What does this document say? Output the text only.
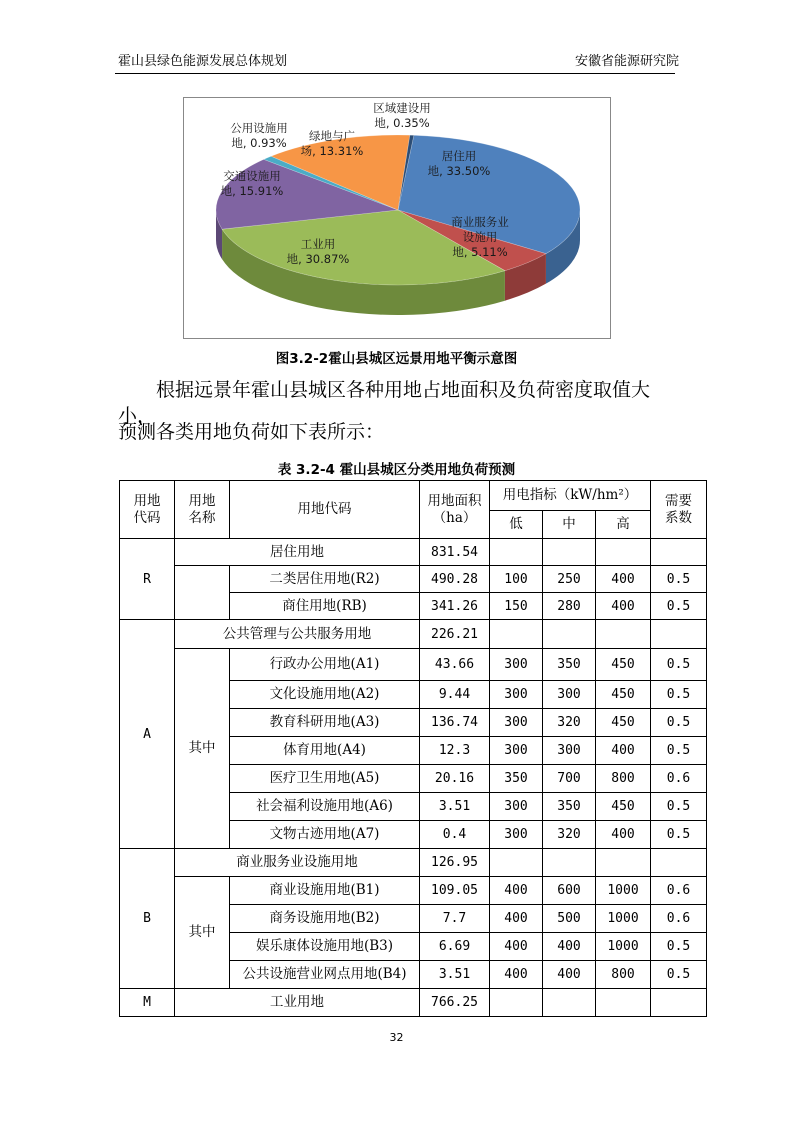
霍山县绿色能源发展总体规划	安徽省能源研究院
居住用地, 33.50%
商业服务业设施用地, 5.11%
工业用地, 30.87%
交通设施用地, 15.91%
公用设施用地, 0.93%	绿地与广场, 13.31%
区域建设用地, 0.35%
图3.2-2霍山县城区远景用地平衡示意图
根据远景年霍山县城区各种用地占地面积及负荷密度取值大小，
预测各类用地负荷如下表所示：
表 3.2-4 霍山县城区分类用地负荷预测
用地代码	用地名称	用地代码	用地面积（ha）	用电指标（kW/hm²）			需要系数
				低	中	高	
R	居住用地		831.54				
		二类居住用地(R2)	490.28	100	250	400	0.5
		商住用地(RB)	341.26	150	280	400	0.5
A	公共管理与公共服务用地		226.21				
	其中	行政办公用地(A1)	43.66	300	350	450	0.5
		文化设施用地(A2)	9.44	300	300	450	0.5
		教育科研用地(A3)	136.74	300	320	450	0.5
		体育用地(A4)	12.3	300	300	400	0.5
		医疗卫生用地(A5)	20.16	350	700	800	0.6
		社会福利设施用地(A6)	3.51	300	350	450	0.5
		文物古迹用地(A7)	0.4	300	320	400	0.5
B	商业服务业设施用地		126.95				
	其中	商业设施用地(B1)	109.05	400	600	1000	0.6
		商务设施用地(B2)	7.7	400	500	1000	0.6
		娱乐康体设施用地(B3)	6.69	400	400	1000	0.5
		公共设施营业网点用地(B4)	3.51	400	400	800	0.5
M	工业用地		766.25				
32
